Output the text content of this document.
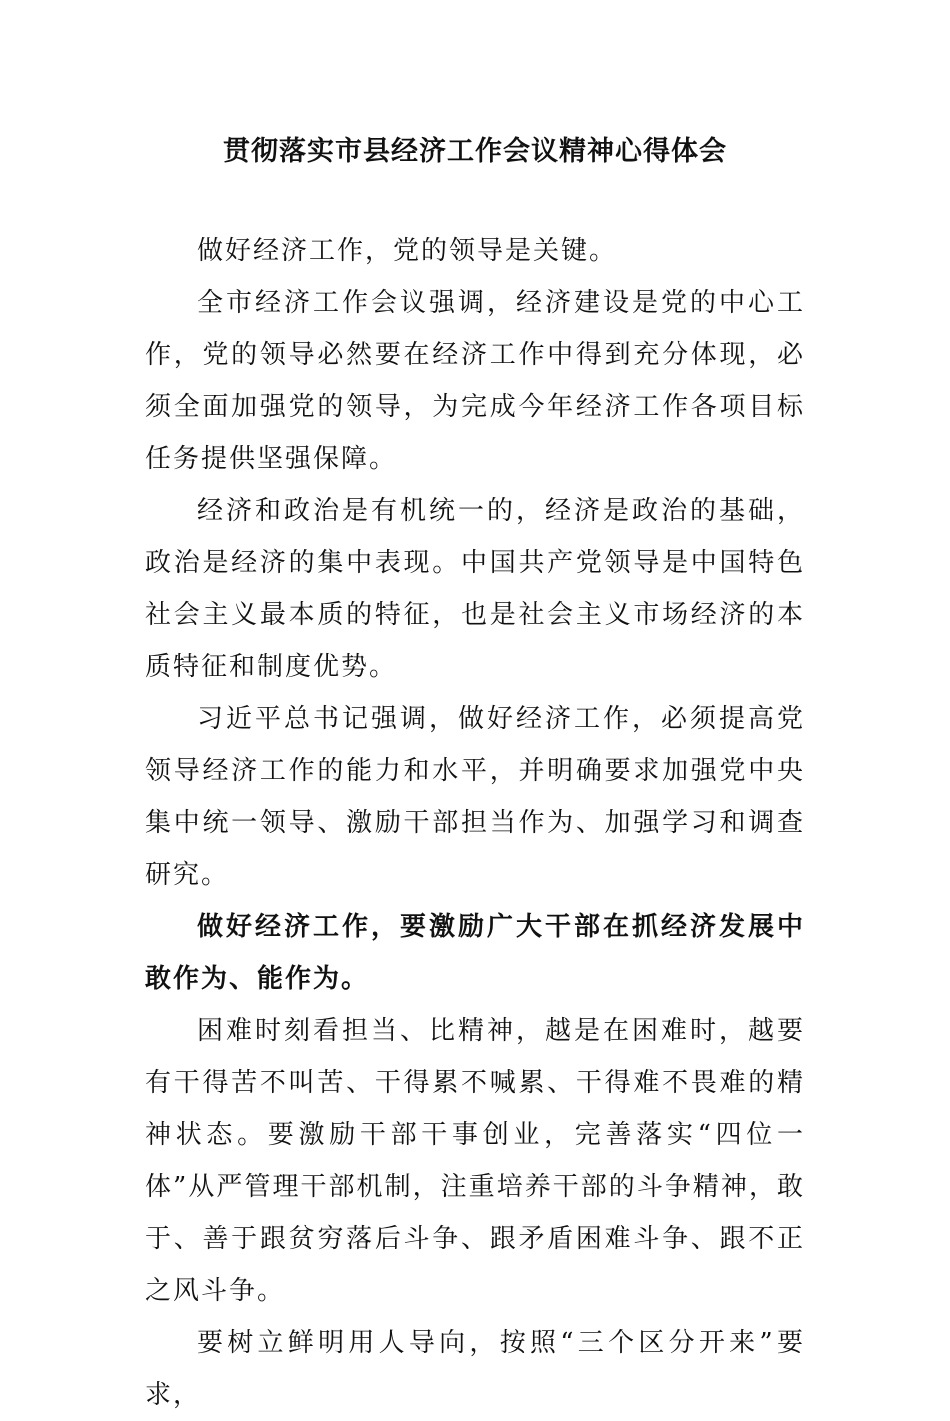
贯彻落实市县经济工作会议精神心得体会

做好经济工作，党的领导是关键。

全市经济工作会议强调，经济建设是党的中心工作，党的领导必然要在经济工作中得到充分体现，必须全面加强党的领导，为完成今年经济工作各项目标任务提供坚强保障。

经济和政治是有机统一的，经济是政治的基础，政治是经济的集中表现。中国共产党领导是中国特色社会主义最本质的特征，也是社会主义市场经济的本质特征和制度优势。

习近平总书记强调，做好经济工作，必须提高党领导经济工作的能力和水平，并明确要求加强党中央集中统一领导、激励干部担当作为、加强学习和调查研究。

做好经济工作，要激励广大干部在抓经济发展中敢作为、能作为。

困难时刻看担当、比精神，越是在困难时，越要有干得苦不叫苦、干得累不喊累、干得难不畏难的精神状态。要激励干部干事创业，完善落实“四位一体”从严管理干部机制，注重培养干部的斗争精神，敢于、善于跟贫穷落后斗争、跟矛盾困难斗争、跟不正之风斗争。

要树立鲜明用人导向，按照“三个区分开来”要求，
